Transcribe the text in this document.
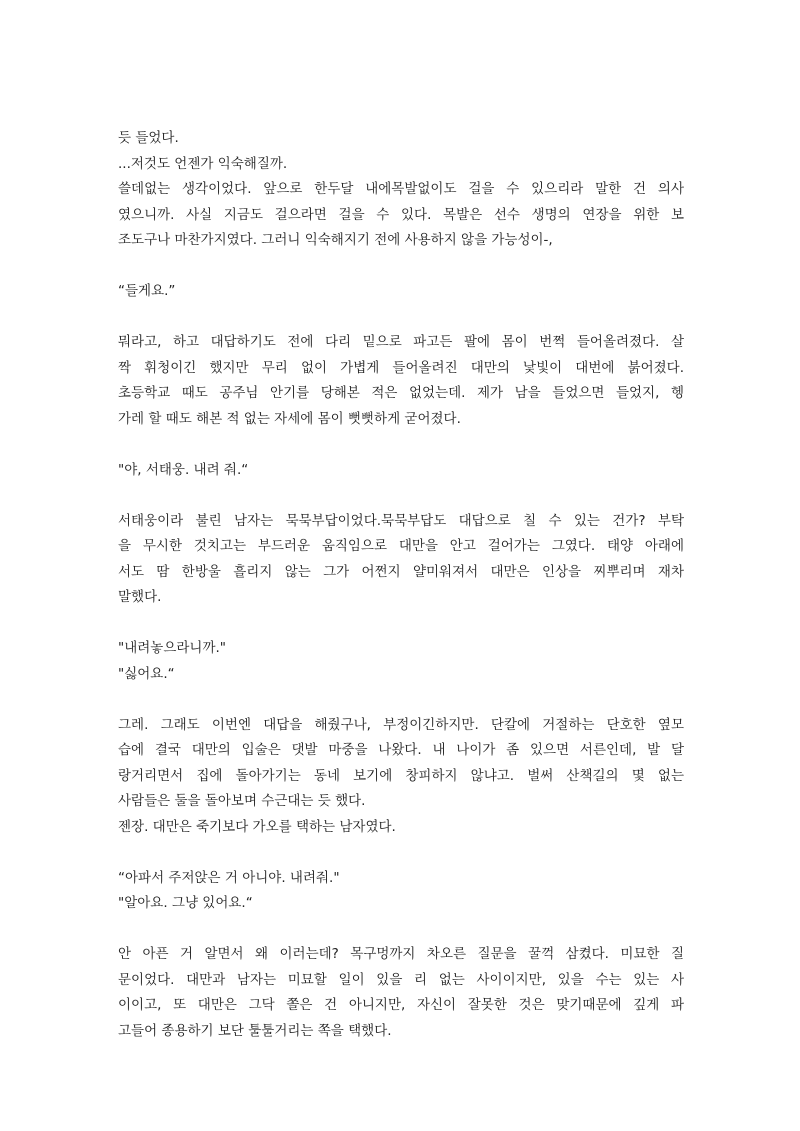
듯 들었다.
...저것도 언젠가 익숙해질까.
쓸데없는 생각이었다. 앞으로 한두달 내에목발없이도 걸을 수 있으리라 말한 건 의사
였으니까. 사실 지금도 걸으라면 걸을 수 있다. 목발은 선수 생명의 연장을 위한 보
조도구나 마찬가지였다. 그러니 익숙해지기 전에 사용하지 않을 가능성이-,
“들게요.”
뭐라고, 하고 대답하기도 전에 다리 밑으로 파고든 팔에 몸이 번쩍 들어올려졌다. 살
짝 휘청이긴 했지만 무리 없이 가볍게 들어올려진 대만의 낯빛이 대번에 붉어졌다.
초등학교 때도 공주님 안기를 당해본 적은 없었는데. 제가 남을 들었으면 들었지, 헹
가레 할 때도 해본 적 없는 자세에 몸이 뻣뻣하게 굳어졌다.
"야, 서태웅. 내려 줘.“
서태웅이라 불린 남자는 묵묵부답이었다.묵묵부답도 대답으로 칠 수 있는 건가? 부탁
을 무시한 것치고는 부드러운 움직임으로 대만을 안고 걸어가는 그였다. 태양 아래에
서도 땀 한방울 흘리지 않는 그가 어쩐지 얄미워져서 대만은 인상을 찌뿌리며 재차
말했다.
"내려놓으라니까."
"싫어요.“
그레. 그래도 이번엔 대답을 해줬구나, 부정이긴하지만. 단칼에 거절하는 단호한 옆모
습에 결국 대만의 입술은 댓발 마중을 나왔다. 내 나이가 좀 있으면 서른인데, 발 달
랑거리면서 집에 돌아가기는 동네 보기에 창피하지 않냐고. 벌써 산책길의 몇 없는
사람들은 둘을 돌아보며 수근대는 듯 했다.
젠장. 대만은 죽기보다 가오를 택하는 남자였다.
“아파서 주저앉은 거 아니야. 내려줘."
"알아요. 그냥 있어요.“
안 아픈 거 알면서 왜 이러는데? 목구멍까지 차오른 질문을 꿀꺽 삼켰다. 미묘한 질
문이었다. 대만과 남자는 미묘할 일이 있을 리 없는 사이이지만, 있을 수는 있는 사
이이고, 또 대만은 그닥 쫄은 건 아니지만, 자신이 잘못한 것은 맞기때문에 깊게 파
고들어 종용하기 보단 툴툴거리는 쪽을 택했다.
